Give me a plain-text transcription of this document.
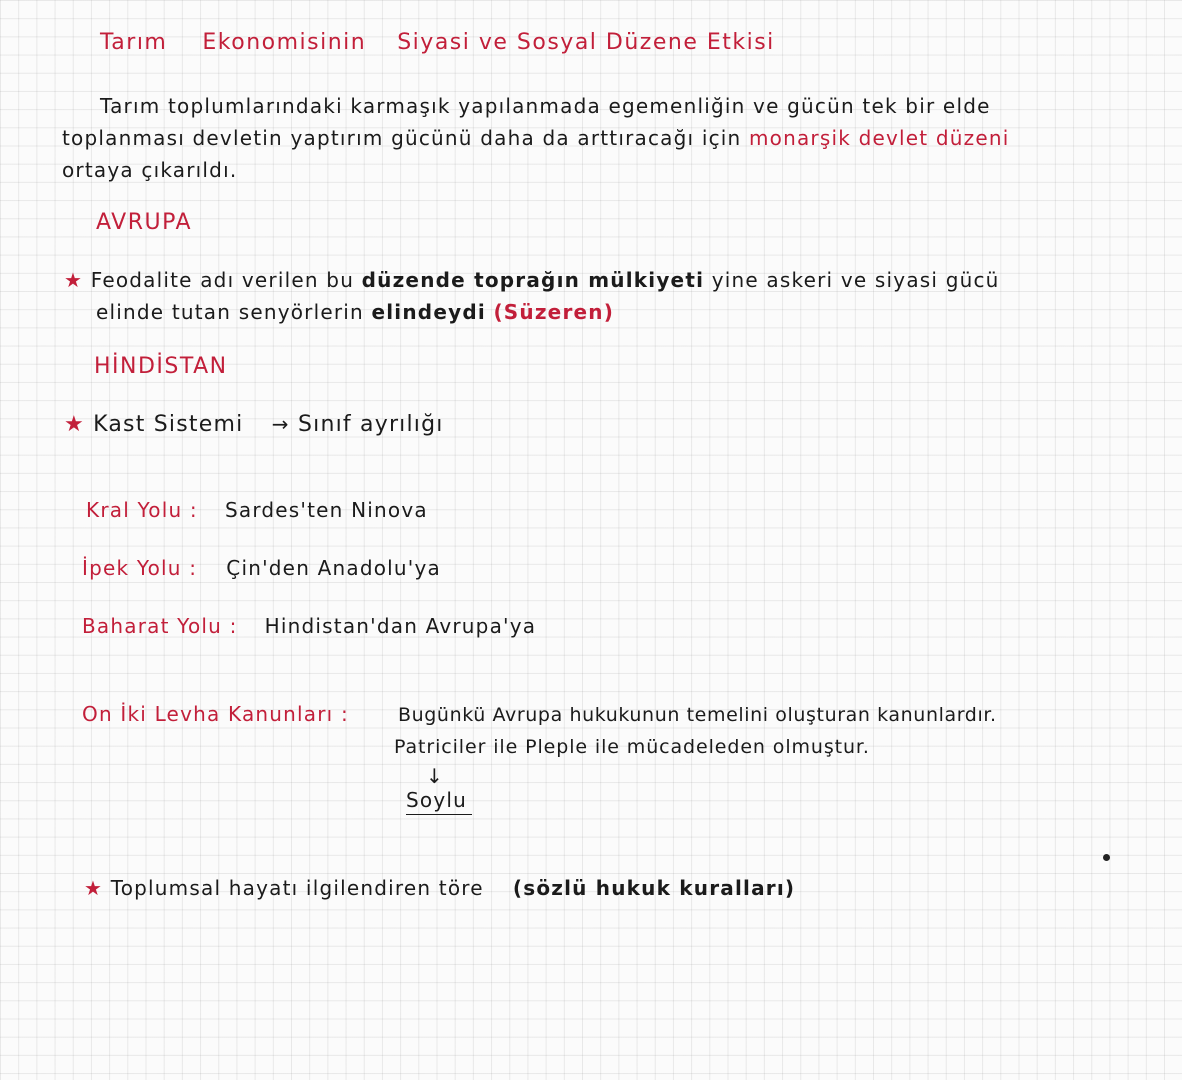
Tarım Ekonomisinin Siyasi ve Sosyal Düzene Etkisi
Tarım toplumlarındaki karmaşık yapılanmada egemenliğin ve gücün tek bir elde
toplanması devletin yaptırım gücünü daha da arttıracağı için monarşik devlet düzeni
ortaya çıkarıldı.
AVRUPA
★ Feodalite adı verilen bu düzende toprağın mülkiyeti yine askeri ve siyasi gücü
elinde tutan senyörlerin elindeydi (Süzeren)
HİNDİSTAN
★ Kast Sistemi → Sınıf ayrılığı
Kral Yolu : Sardes'ten Ninova
İpek Yolu : Çin'den Anadolu'ya
Baharat Yolu : Hindistan'dan Avrupa'ya
On İki Levha Kanunları :	Bugünkü Avrupa hukukunun temelini oluşturan kanunlardır.
Patriciler ile Pleple ile mücadeleden olmuştur.
↓
Soylu
★ Toplumsal hayatı ilgilendiren töre (sözlü hukuk kuralları)
